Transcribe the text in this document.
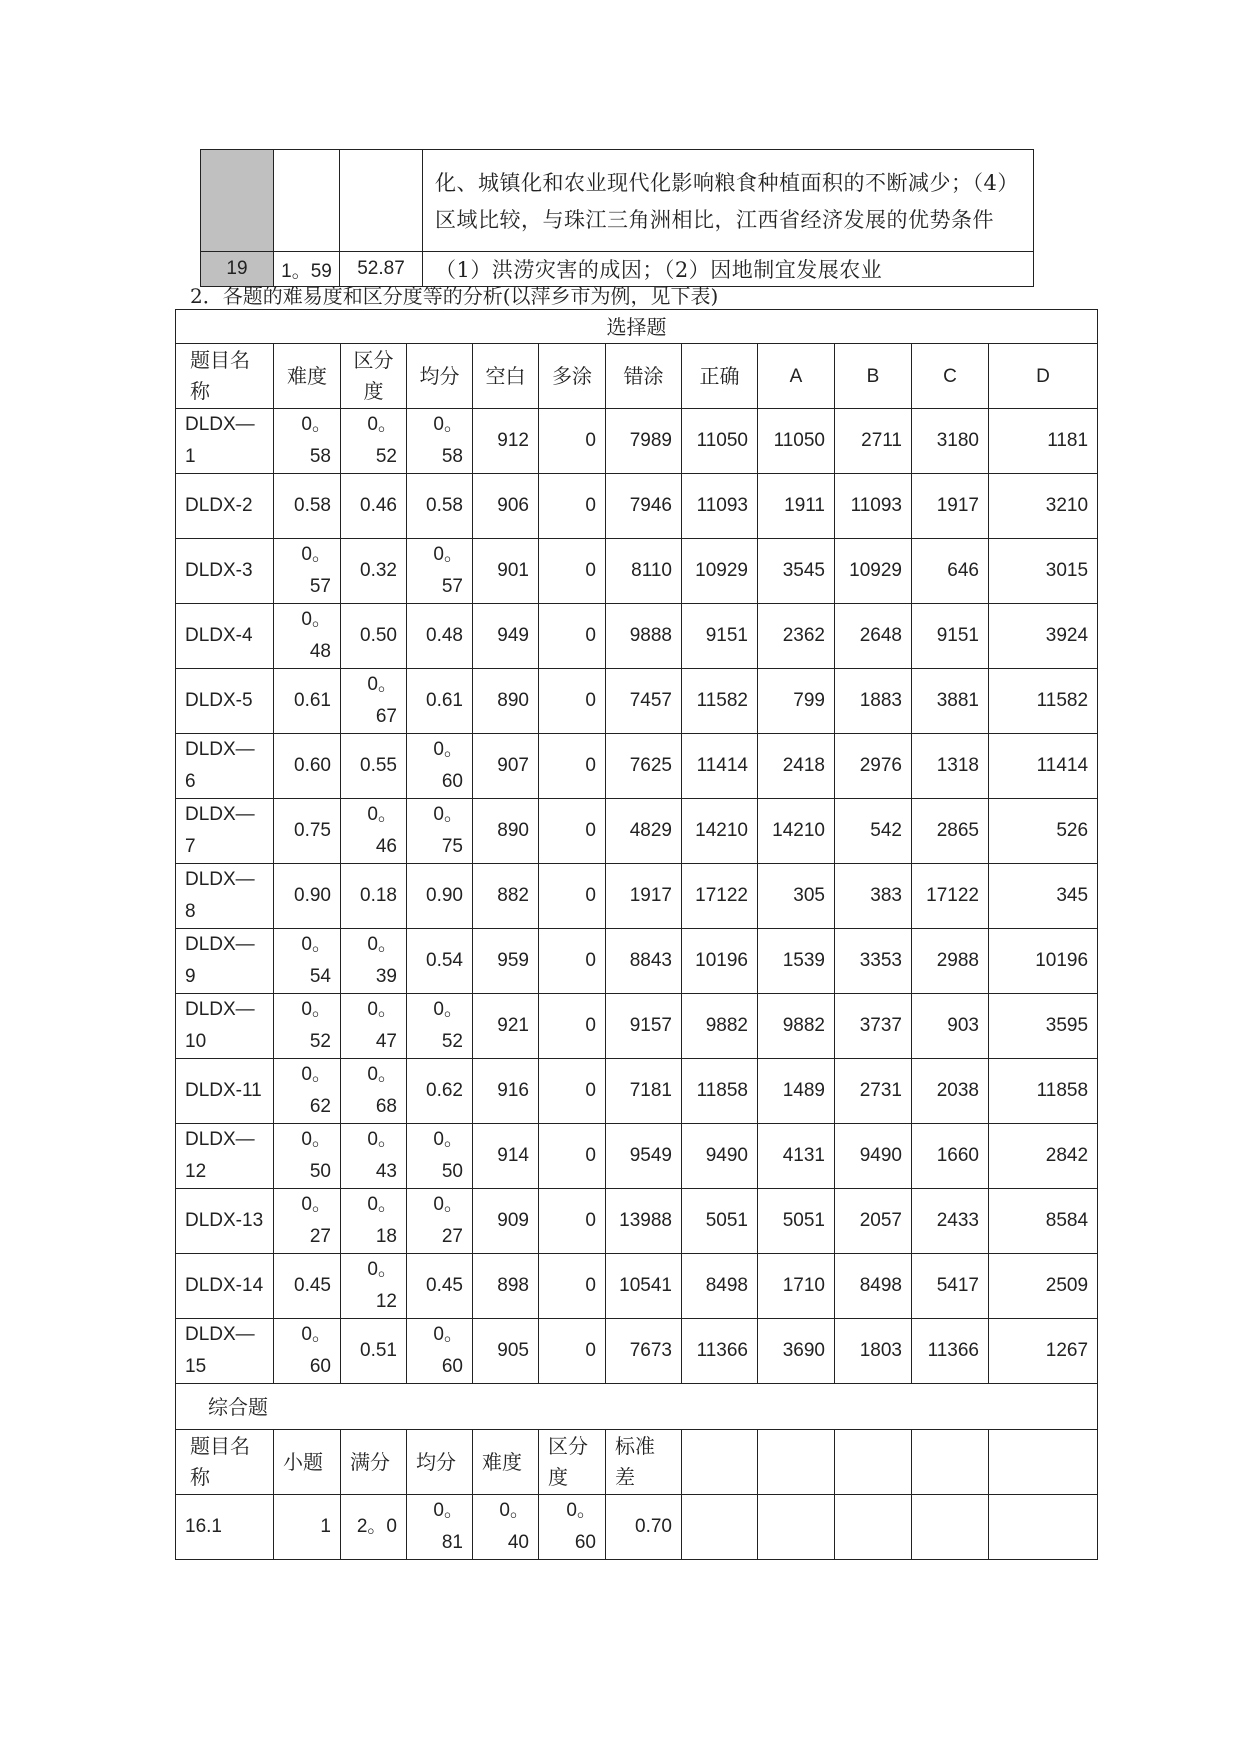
			化、城镇化和农业现代化影响粮食种植面积的不断减少；（4）区域比较，与珠江三角洲相比，江西省经济发展的优势条件
19	1。59	52.87	（1）洪涝灾害的成因；（2）因地制宜发展农业
2．各题的难易度和区分度等的分析(以萍乡市为例，见下表)
选择题											
题目名称	难度	区分度	均分	空白	多涂	错涂	正确	A	B	C	D
DLDX—1	0。58	0。52	0。58	912	0	7989	11050	11050	2711	3180	1181
DLDX-2	0.58	0.46	0.58	906	0	7946	11093	1911	11093	1917	3210
DLDX-3	0。57	0.32	0。57	901	0	8110	10929	3545	10929	646	3015
DLDX-4	0。48	0.50	0.48	949	0	9888	9151	2362	2648	9151	3924
DLDX-5	0.61	0。67	0.61	890	0	7457	11582	799	1883	3881	11582
DLDX—6	0.60	0.55	0。60	907	0	7625	11414	2418	2976	1318	11414
DLDX—7	0.75	0。46	0。75	890	0	4829	14210	14210	542	2865	526
DLDX—8	0.90	0.18	0.90	882	0	1917	17122	305	383	17122	345
DLDX—9	0。54	0。39	0.54	959	0	8843	10196	1539	3353	2988	10196
DLDX—10	0。52	0。47	0。52	921	0	9157	9882	9882	3737	903	3595
DLDX-11	0。62	0。68	0.62	916	0	7181	11858	1489	2731	2038	11858
DLDX—12	0。50	0。43	0。50	914	0	9549	9490	4131	9490	1660	2842
DLDX-13	0。27	0。18	0。27	909	0	13988	5051	5051	2057	2433	8584
DLDX-14	0.45	0。12	0.45	898	0	10541	8498	1710	8498	5417	2509
DLDX—15	0。60	0.51	0。60	905	0	7673	11366	3690	1803	11366	1267
综合题											
题目名称	小题	满分	均分	难度	区分度	标准差					
16.1	1	2。0	0。81	0。40	0。60	0.70					
